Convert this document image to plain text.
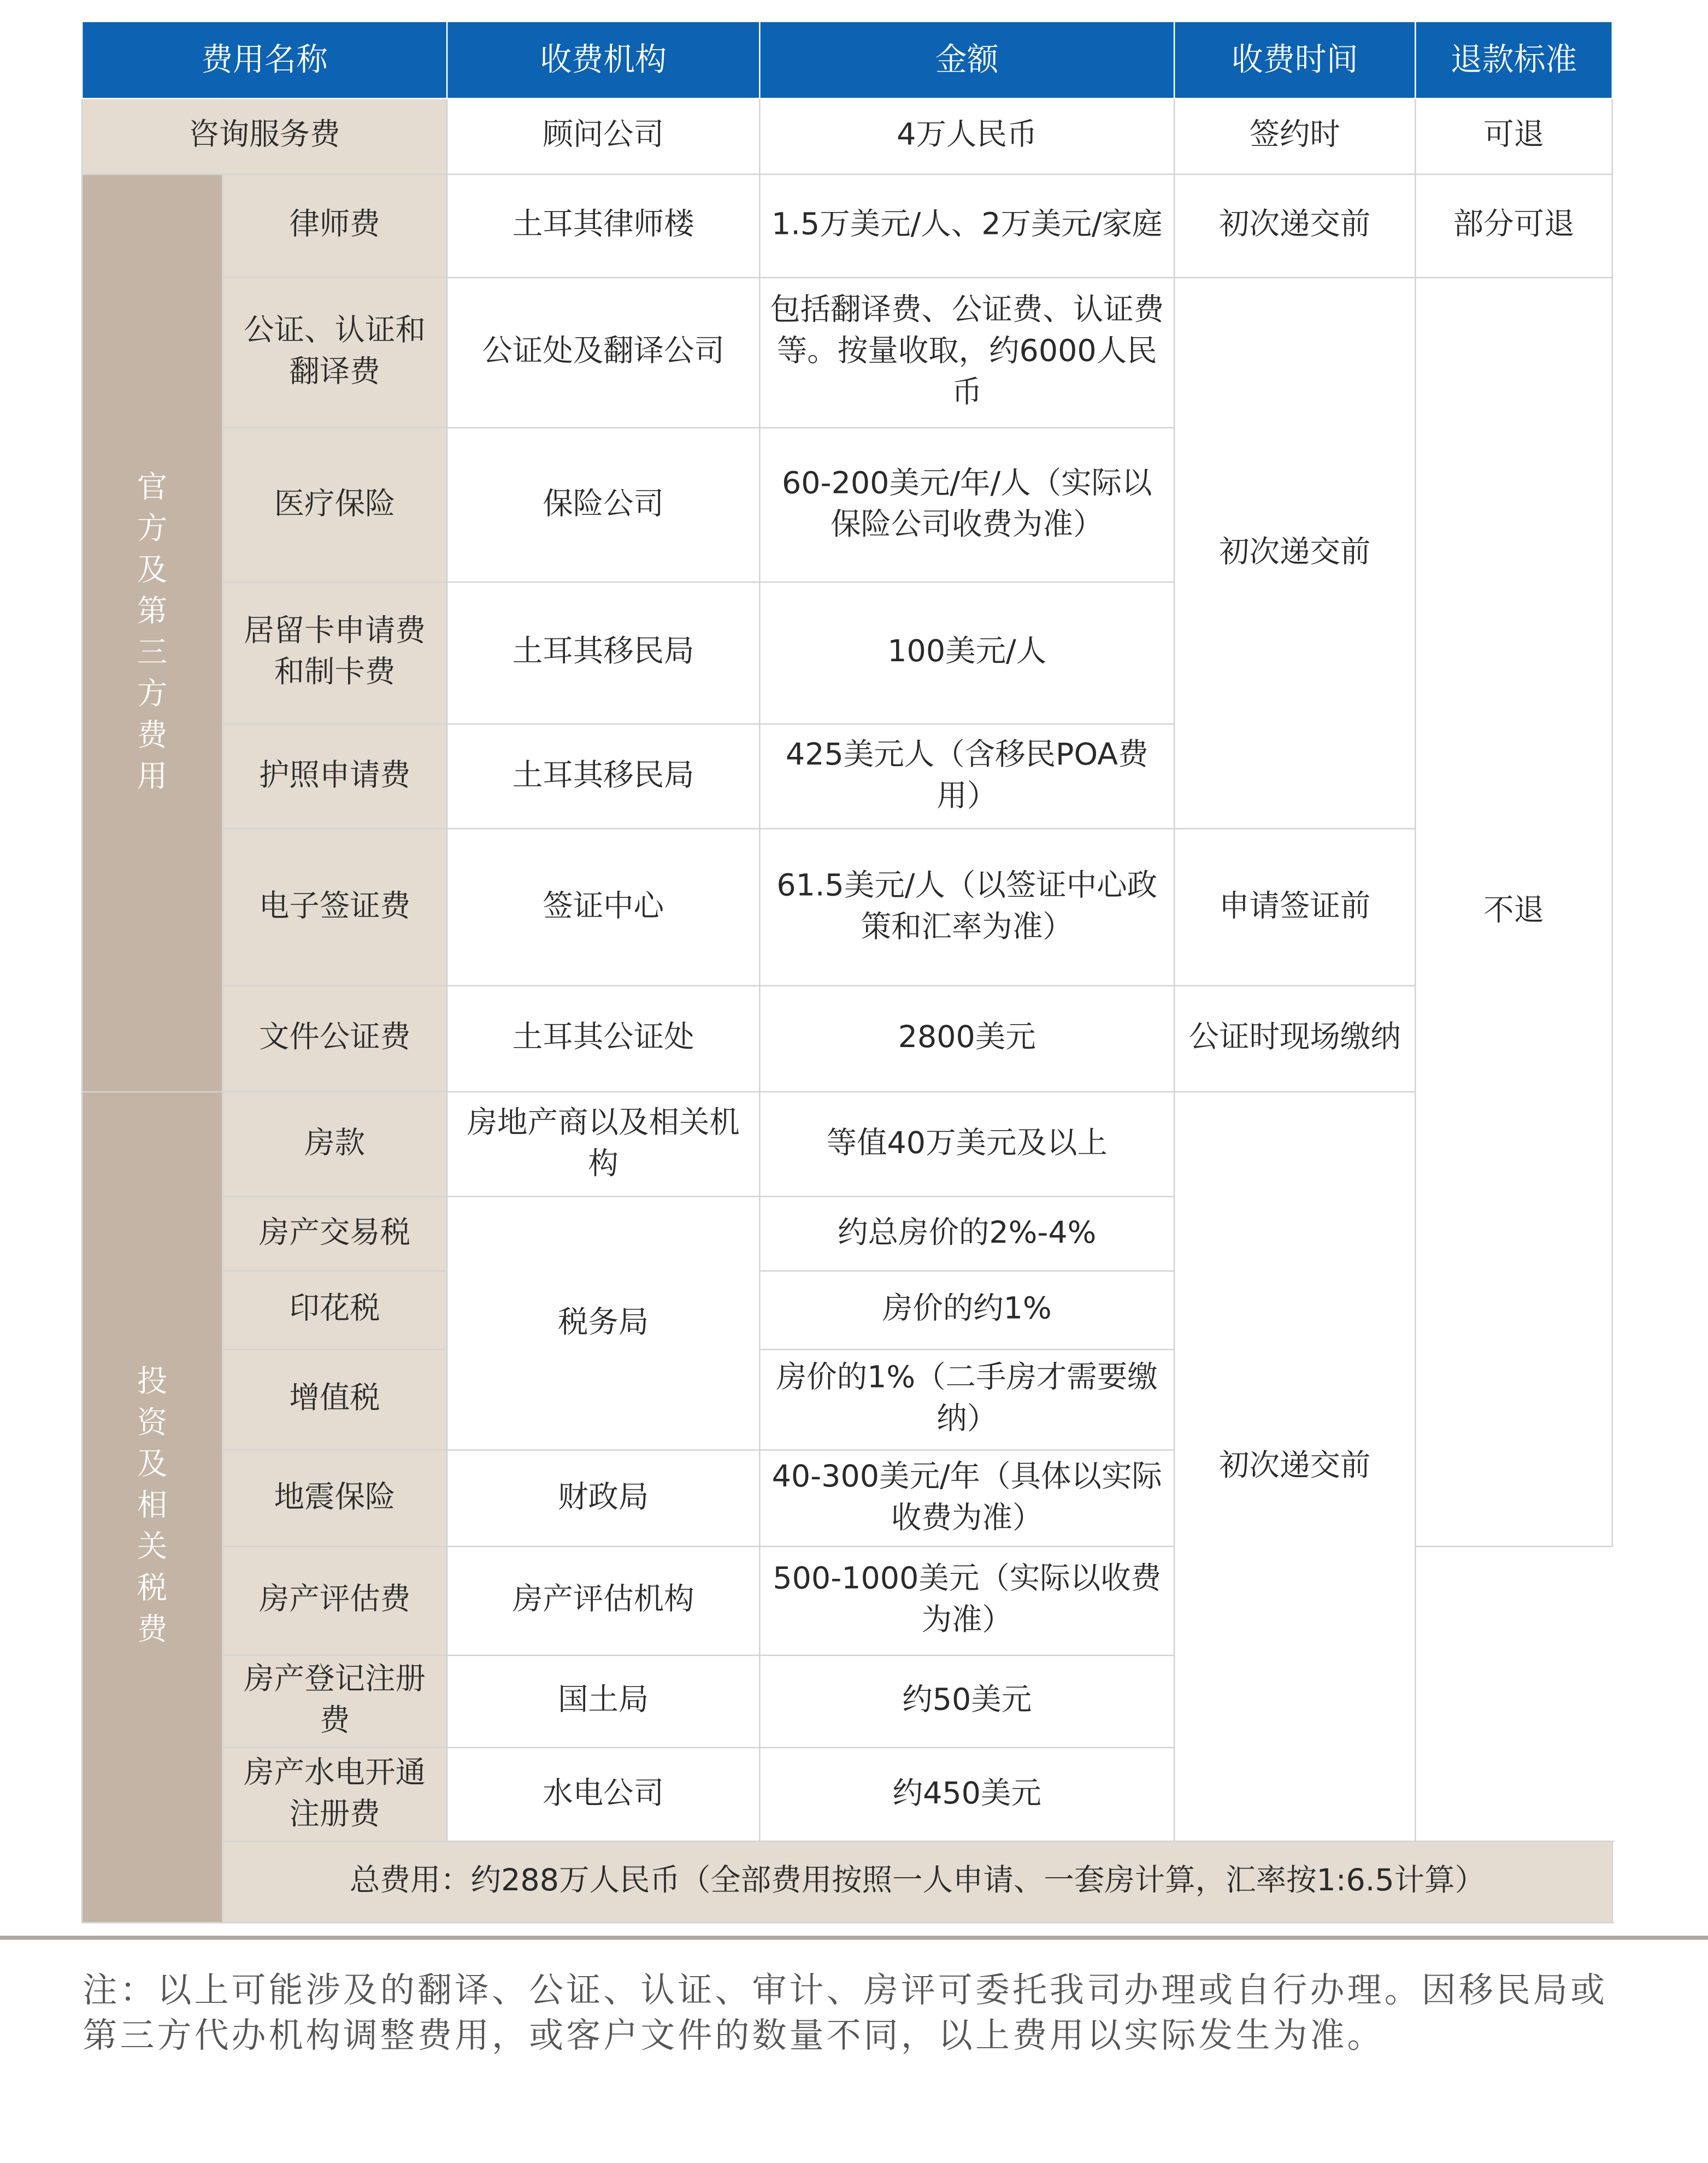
费用名称		收费机构	金额	收费时间	退款标准
咨询服务费		顾问公司	4万人民币	签约时	可退
官方及第三方费用	律师费	土耳其律师楼	1.5万美元/人、2万美元/家庭	初次递交前	部分可退
	公证、认证和翻译费	公证处及翻译公司	包括翻译费、公证费、认证费等。按量收取，约6000人民币	初次递交前	不退
	医疗保险	保险公司	60-200美元/年/人（实际以保险公司收费为准）		
	居留卡申请费和制卡费	土耳其移民局	100美元/人		
	护照申请费	土耳其移民局	425美元人（含移民POA费用）		
	电子签证费	签证中心	61.5美元/人（以签证中心政策和汇率为准）	申请签证前	
	文件公证费	土耳其公证处	2800美元	公证时现场缴纳	
投资及相关税费	房款	房地产商以及相关机构	等值40万美元及以上	初次递交前	
	房产交易税	税务局	约总房价的2%-4%		
	印花税		房价的约1%		
	增值税		房价的1%（二手房才需要缴纳）		
	地震保险	财政局	40-300美元/年（具体以实际收费为准）		
	房产评估费	房产评估机构	500-1000美元（实际以收费为准）		
	房产登记注册费	国土局	约50美元		
	房产水电开通注册费	水电公司	约450美元		
	总费用：约288万人民币（全部费用按照一人申请、一套房计算，汇率按1:6.5计算）				
注：以上可能涉及的翻译、公证、认证、审计、房评可委托我司办理或自行办理。因移民局或第三方代办机构调整费用，或客户文件的数量不同，以上费用以实际发生为准。
